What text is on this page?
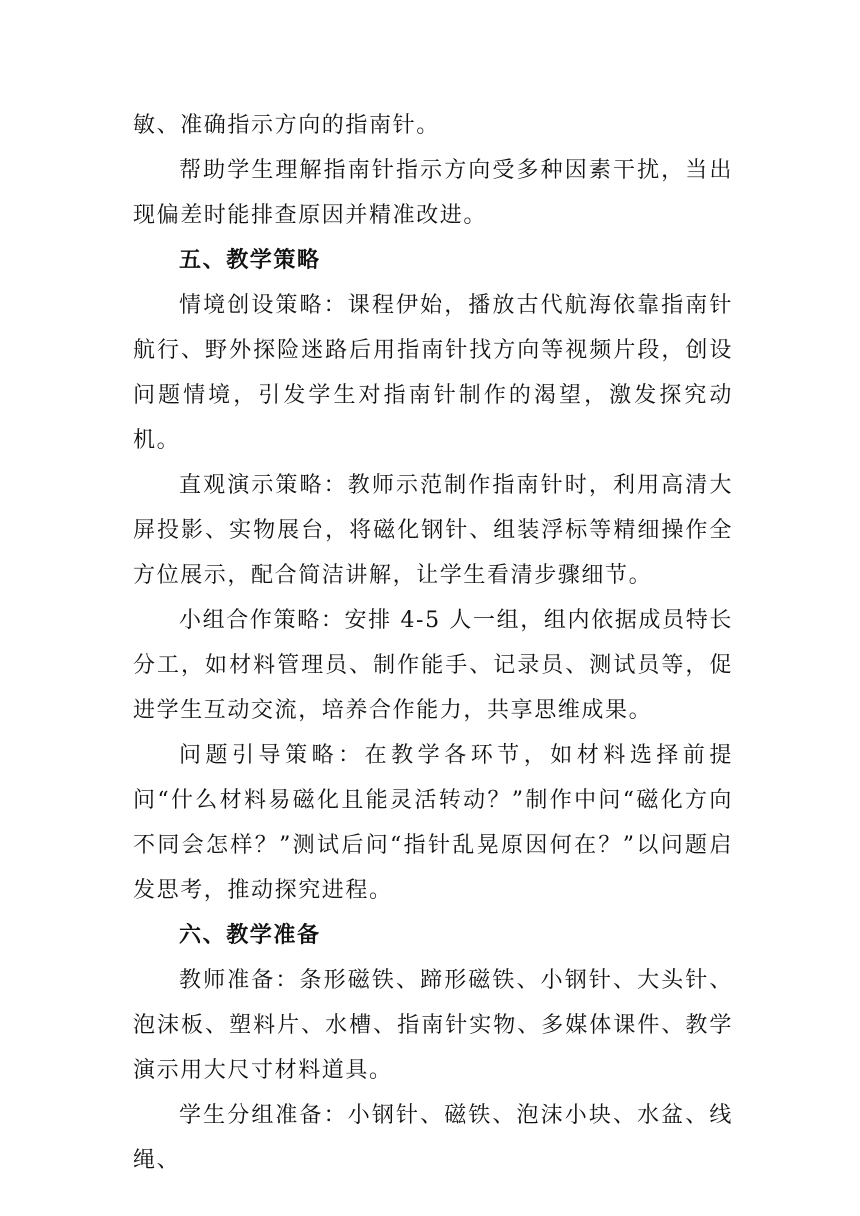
敏、准确指示方向的指南针。

帮助学生理解指南针指示方向受多种因素干扰，当出现偏差时能排查原因并精准改进。

五、教学策略

情境创设策略：课程伊始，播放古代航海依靠指南针航行、野外探险迷路后用指南针找方向等视频片段，创设问题情境，引发学生对指南针制作的渴望，激发探究动机。

直观演示策略：教师示范制作指南针时，利用高清大屏投影、实物展台，将磁化钢针、组装浮标等精细操作全方位展示，配合简洁讲解，让学生看清步骤细节。

小组合作策略：安排 4-5 人一组，组内依据成员特长分工，如材料管理员、制作能手、记录员、测试员等，促进学生互动交流，培养合作能力，共享思维成果。

问题引导策略：在教学各环节，如材料选择前提问“什么材料易磁化且能灵活转动？”制作中问“磁化方向不同会怎样？”测试后问“指针乱晃原因何在？”以问题启发思考，推动探究进程。

六、教学准备

教师准备：条形磁铁、蹄形磁铁、小钢针、大头针、泡沫板、塑料片、水槽、指南针实物、多媒体课件、教学演示用大尺寸材料道具。

学生分组准备：小钢针、磁铁、泡沫小块、水盆、线绳、
